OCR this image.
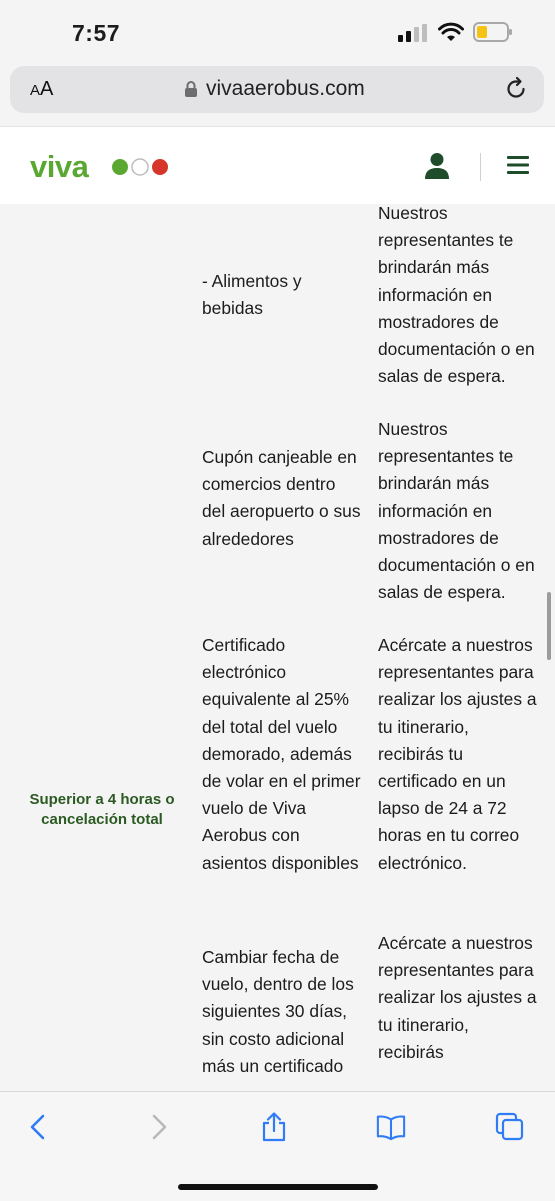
7:57
AA	vivaaerobus.com
viva
- Alimentos y bebidas
Nuestros representantes te brindarán más información en mostradores de documentación o en salas de espera.
Cupón canjeable en comercios dentro del aeropuerto o sus alrededores
Nuestros representantes te brindarán más información en mostradores de documentación o en salas de espera.
Superior a 4 horas o cancelación total
Certificado electrónico equivalente al 25% del total del vuelo demorado, además de volar en el primer vuelo de Viva Aerobus con asientos disponibles
Acércate a nuestros representantes para realizar los ajustes a tu itinerario, recibirás tu certificado en un lapso de 24 a 72 horas en tu correo electrónico.
Cambiar fecha de vuelo, dentro de los siguientes 30 días, sin costo adicional más un certificado
Acércate a nuestros representantes para realizar los ajustes a tu itinerario, recibirás
